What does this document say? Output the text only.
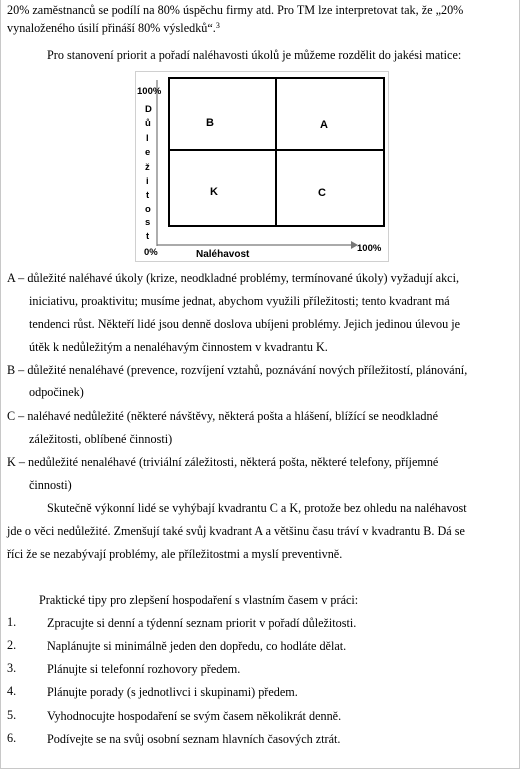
20% zaměstnanců se podílí na 80% úspěchu firmy atd. Pro TM lze interpretovat tak, že „20%
vynaloženého úsilí přináší 80% výsledků“.$^3$
Pro stanovení priorit a pořadí naléhavosti úkolů je můžeme rozdělit do jakési matice:
100%
D
ů
l
e
ž
i
t
o
s
t
0%	Naléhavost
100%
B	A
K	C
A – důležité naléhavé úkoly (krize, neodkladné problémy, termínované úkoly) vyžadují akci,
iniciativu, proaktivitu; musíme jednat, abychom využili příležitosti; tento kvadrant má
tendenci růst. Někteří lidé jsou denně doslova ubíjeni problémy. Jejich jedinou úlevou je
útěk k nedůležitým a nenaléhavým činnostem v kvadrantu K.
B – důležité nenaléhavé (prevence, rozvíjení vztahů, poznávání nových příležitostí, plánování,
odpočinek)
C – naléhavé nedůležité (některé návštěvy, některá pošta a hlášení, blížící se neodkladné
záležitosti, oblíbené činnosti)
K – nedůležité nenaléhavé (triviální záležitosti, některá pošta, některé telefony, příjemné
činnosti)
Skutečně výkonní lidé se vyhýbají kvadrantu C a K, protože bez ohledu na naléhavost
jde o věci nedůležité. Zmenšují také svůj kvadrant A a většinu času tráví v kvadrantu B. Dá se
říci že se nezabývají problémy, ale příležitostmi a myslí preventivně.
Praktické tipy pro zlepšení hospodaření s vlastním časem v práci:
1.	Zpracujte si denní a týdenní seznam priorit v pořadí důležitosti.
2.	Naplánujte si minimálně jeden den dopředu, co hodláte dělat.
3.	Plánujte si telefonní rozhovory předem.
4.	Plánujte porady (s jednotlivci i skupinami) předem.
5.	Vyhodnocujte hospodaření se svým časem několikrát denně.
6.	Podívejte se na svůj osobní seznam hlavních časových ztrát.
